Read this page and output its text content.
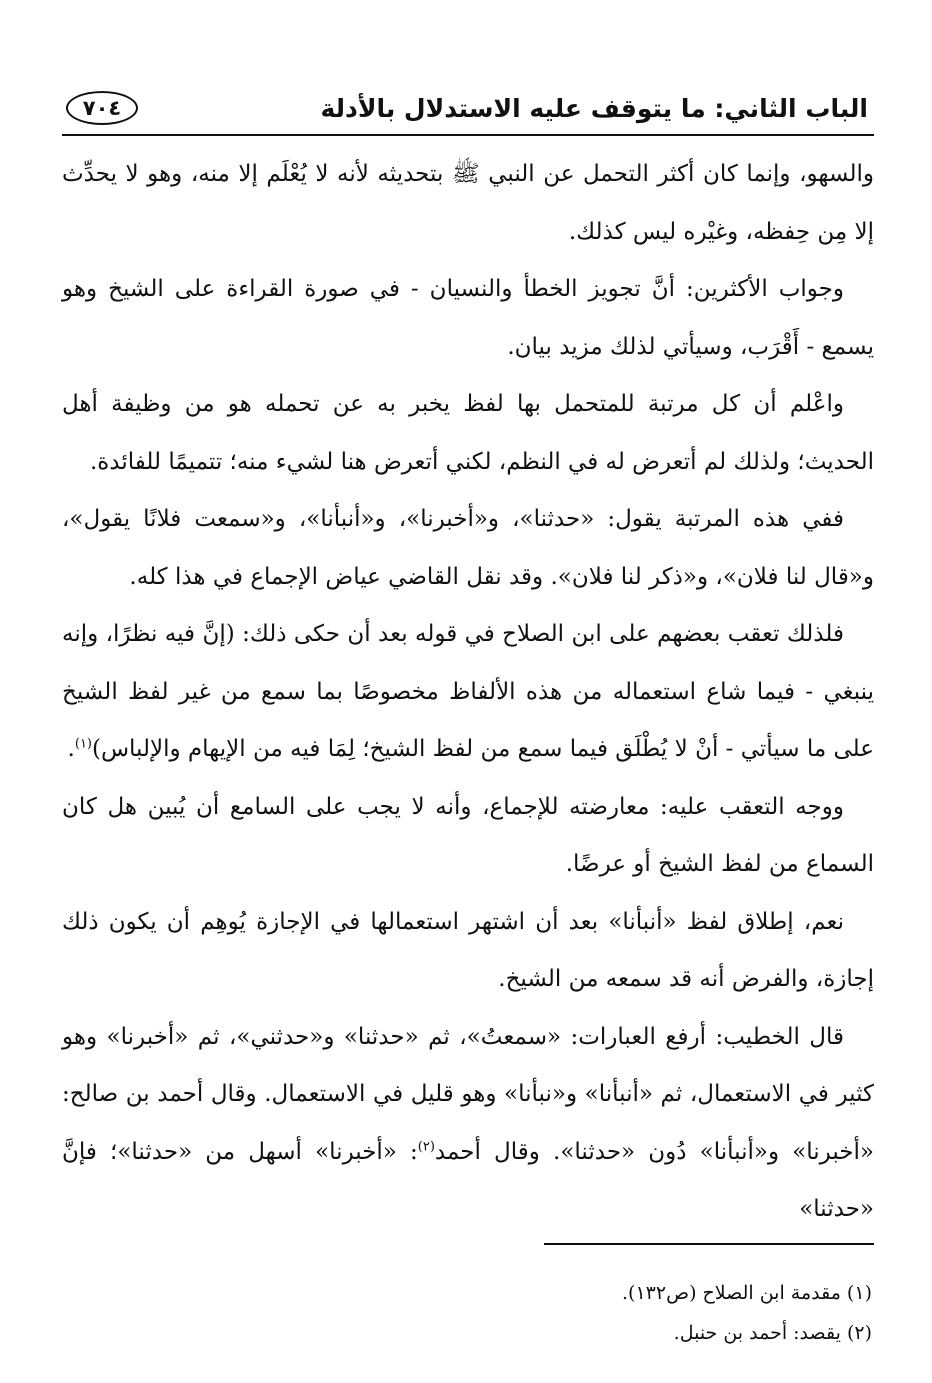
الباب الثاني: ما يتوقف عليه الاستدلال بالأدلة
٧٠٤

والسهو، وإنما كان أكثر التحمل عن النبي ﷺ بتحديثه لأنه لا يُعْلَم إلا منه، وهو لا يحدِّث إلا مِن حِفظه، وغيْره ليس كذلك.

وجواب الأكثرين: أنَّ تجويز الخطأ والنسيان - في صورة القراءة على الشيخ وهو يسمع - أَقْرَب، وسيأتي لذلك مزيد بيان.

واعْلم أن كل مرتبة للمتحمل بها لفظ يخبر به عن تحمله هو من وظيفة أهل الحديث؛ ولذلك لم أتعرض له في النظم، لكني أتعرض هنا لشيء منه؛ تتميمًا للفائدة.

ففي هذه المرتبة يقول: «حدثنا»، و«أخبرنا»، و«أنبأنا»، و«سمعت فلانًا يقول»، و«قال لنا فلان»، و«ذكر لنا فلان». وقد نقل القاضي عياض الإجماع في هذا كله.

فلذلك تعقب بعضهم على ابن الصلاح في قوله بعد أن حكى ذلك: (إنَّ فيه نظرًا، وإنه ينبغي - فيما شاع استعماله من هذه الألفاظ مخصوصًا بما سمع من غير لفظ الشيخ على ما سيأتي - أنْ لا يُطْلَق فيما سمع من لفظ الشيخ؛ لِمَا فيه من الإيهام والإلباس)$^{(١)}$.

ووجه التعقب عليه: معارضته للإجماع، وأنه لا يجب على السامع أن يُبين هل كان السماع من لفظ الشيخ أو عرضًا.

نعم، إطلاق لفظ «أنبأنا» بعد أن اشتهر استعمالها في الإجازة يُوهِم أن يكون ذلك إجازة، والفرض أنه قد سمعه من الشيخ.

قال الخطيب: أرفع العبارات: «سمعتُ»، ثم «حدثنا» و«حدثني»، ثم «أخبرنا» وهو كثير في الاستعمال، ثم «أنبأنا» و«نبأنا» وهو قليل في الاستعمال. وقال أحمد بن صالح: «أخبرنا» و«أنبأنا» دُون «حدثنا». وقال أحمد$^{(٢)}$: «أخبرنا» أسهل من «حدثنا»؛ فإنَّ «حدثنا»

(١) مقدمة ابن الصلاح (ص١٣٢).

(٢) يقصد: أحمد بن حنبل.
